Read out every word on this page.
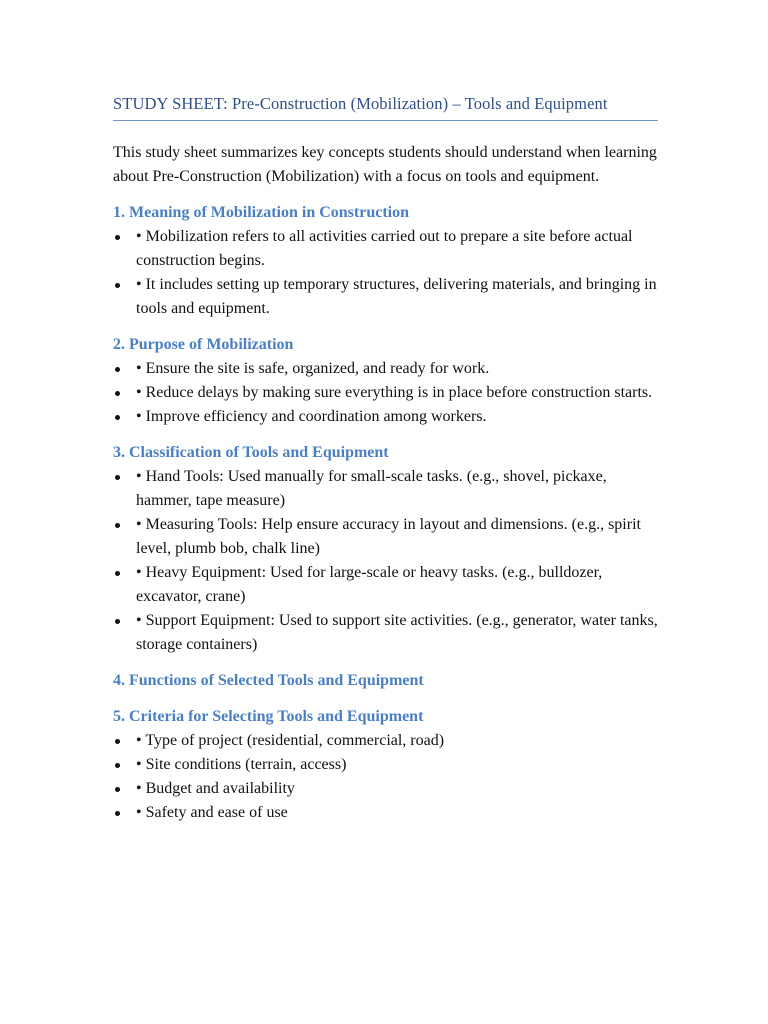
STUDY SHEET: Pre-Construction (Mobilization) – Tools and Equipment
This study sheet summarizes key concepts students should understand when learning about Pre-Construction (Mobilization) with a focus on tools and equipment.
1. Meaning of Mobilization in Construction
• Mobilization refers to all activities carried out to prepare a site before actual construction begins.
• It includes setting up temporary structures, delivering materials, and bringing in tools and equipment.
2. Purpose of Mobilization
• Ensure the site is safe, organized, and ready for work.
• Reduce delays by making sure everything is in place before construction starts.
• Improve efficiency and coordination among workers.
3. Classification of Tools and Equipment
• Hand Tools: Used manually for small-scale tasks. (e.g., shovel, pickaxe, hammer, tape measure)
• Measuring Tools: Help ensure accuracy in layout and dimensions. (e.g., spirit level, plumb bob, chalk line)
• Heavy Equipment: Used for large-scale or heavy tasks. (e.g., bulldozer, excavator, crane)
• Support Equipment: Used to support site activities. (e.g., generator, water tanks, storage containers)
4. Functions of Selected Tools and Equipment
5. Criteria for Selecting Tools and Equipment
• Type of project (residential, commercial, road)
• Site conditions (terrain, access)
• Budget and availability
• Safety and ease of use
